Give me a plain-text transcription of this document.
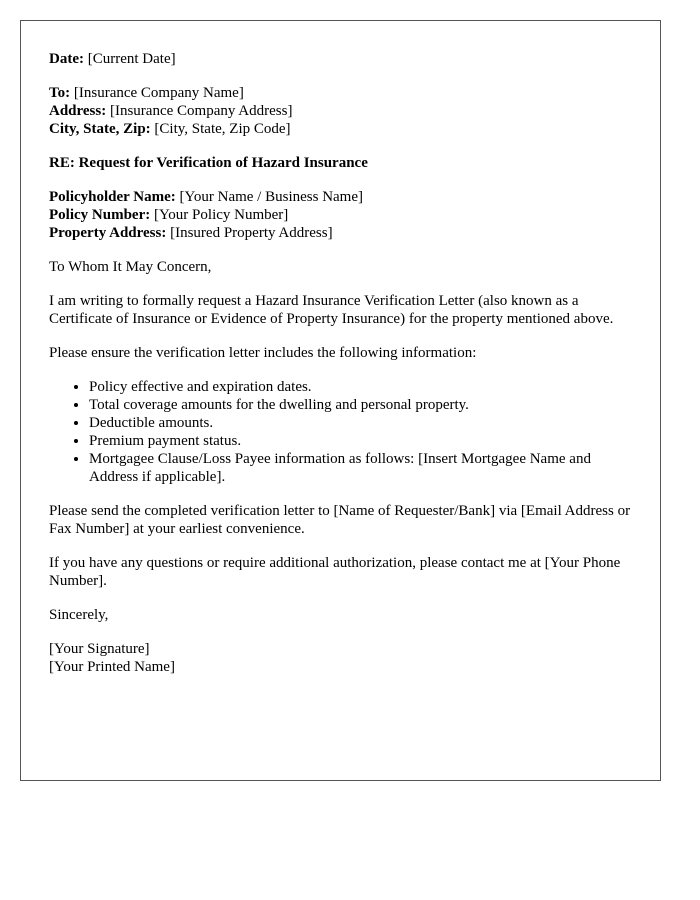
Date: [Current Date]

To: [Insurance Company Name]
Address: [Insurance Company Address]
City, State, Zip: [City, State, Zip Code]

RE: Request for Verification of Hazard Insurance

Policyholder Name: [Your Name / Business Name]
Policy Number: [Your Policy Number]
Property Address: [Insured Property Address]

To Whom It May Concern,

I am writing to formally request a Hazard Insurance Verification Letter (also known as a Certificate of Insurance or Evidence of Property Insurance) for the property mentioned above.

Please ensure the verification letter includes the following information:

• Policy effective and expiration dates.
• Total coverage amounts for the dwelling and personal property.
• Deductible amounts.
• Premium payment status.
• Mortgagee Clause/Loss Payee information as follows: [Insert Mortgagee Name and Address if applicable].

Please send the completed verification letter to [Name of Requester/Bank] via [Email Address or Fax Number] at your earliest convenience.

If you have any questions or require additional authorization, please contact me at [Your Phone Number].

Sincerely,

[Your Signature]
[Your Printed Name]
